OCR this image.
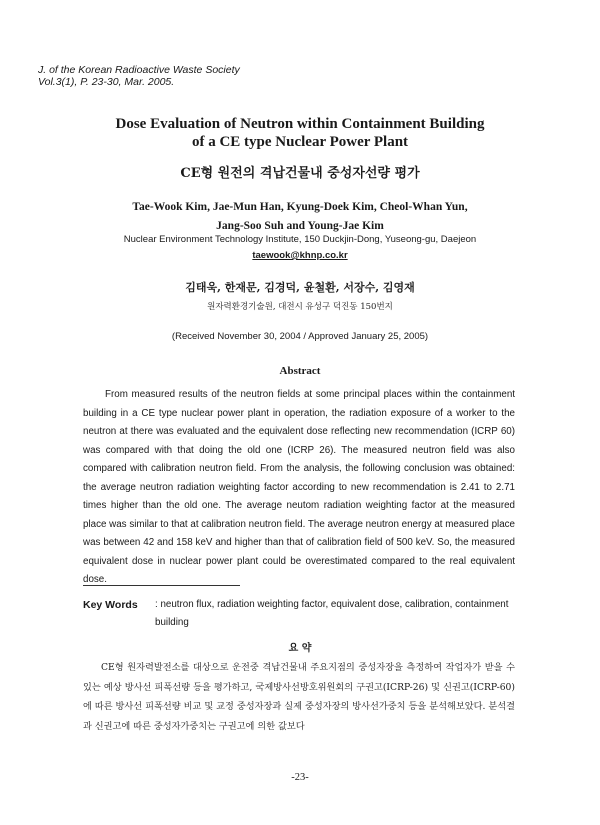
J. of the Korean Radioactive Waste Society
Vol.3(1), P. 23-30, Mar. 2005.
Dose Evaluation of Neutron within Containment Building
of a CE type Nuclear Power Plant
CE형 원전의 격납건물내 중성자선량 평가
Tae-Wook Kim, Jae-Mun Han, Kyung-Doek Kim, Cheol-Whan Yun,
Jang-Soo Suh and Young-Jae Kim
Nuclear Environment Technology Institute, 150 Duckjin-Dong, Yuseong-gu, Daejeon
taewook@khnp.co.kr
김태욱, 한재문, 김경덕, 윤철환, 서장수, 김영재
원자력환경기술원, 대전시 유성구 덕진동 150번지
(Received November 30, 2004 / Approved January 25, 2005)
Abstract

From measured results of the neutron fields at some principal places within the containment building in a CE type nuclear power plant in operation, the radiation exposure of a worker to the neutron at there was evaluated and the equivalent dose reflecting new recommendation (ICRP 60) was compared with that doing the old one (ICRP 26). The measured neutron field was also compared with calibration neutron field. From the analysis, the following conclusion was obtained: the average neutron radiation weighting factor according to new recommendation is 2.41 to 2.71 times higher than the old one. The average neutom radiation weighting factor at the measured place was similar to that at calibration neutron field. The average neutron energy at measured place was between 42 and 158 keV and higher than that of calibration field of 500 keV. So, the measured equivalent dose in nuclear power plant could be overestimated compared to the real equivalent dose.

Key Words : neutron flux, radiation weighting factor, equivalent dose, calibration, containment building
요 약

CE형 원자력발전소를 대상으로 운전중 격납건물내 주요지점의 중성자장을 측정하여 작업자가 받을 수 있는 예상 방사선 피폭선량 등을 평가하고, 국제방사선방호위원회의 구권고(ICRP-26) 및 신권고(ICRP-60)에 따른 방사선 피폭선량 비교 및 교정 중성자장과 실제 중성자장의 방사선가중치 등을 분석해보았다. 분석결과 신권고에 따른 중성자가중치는 구권고에 의한 값보다

-23-
